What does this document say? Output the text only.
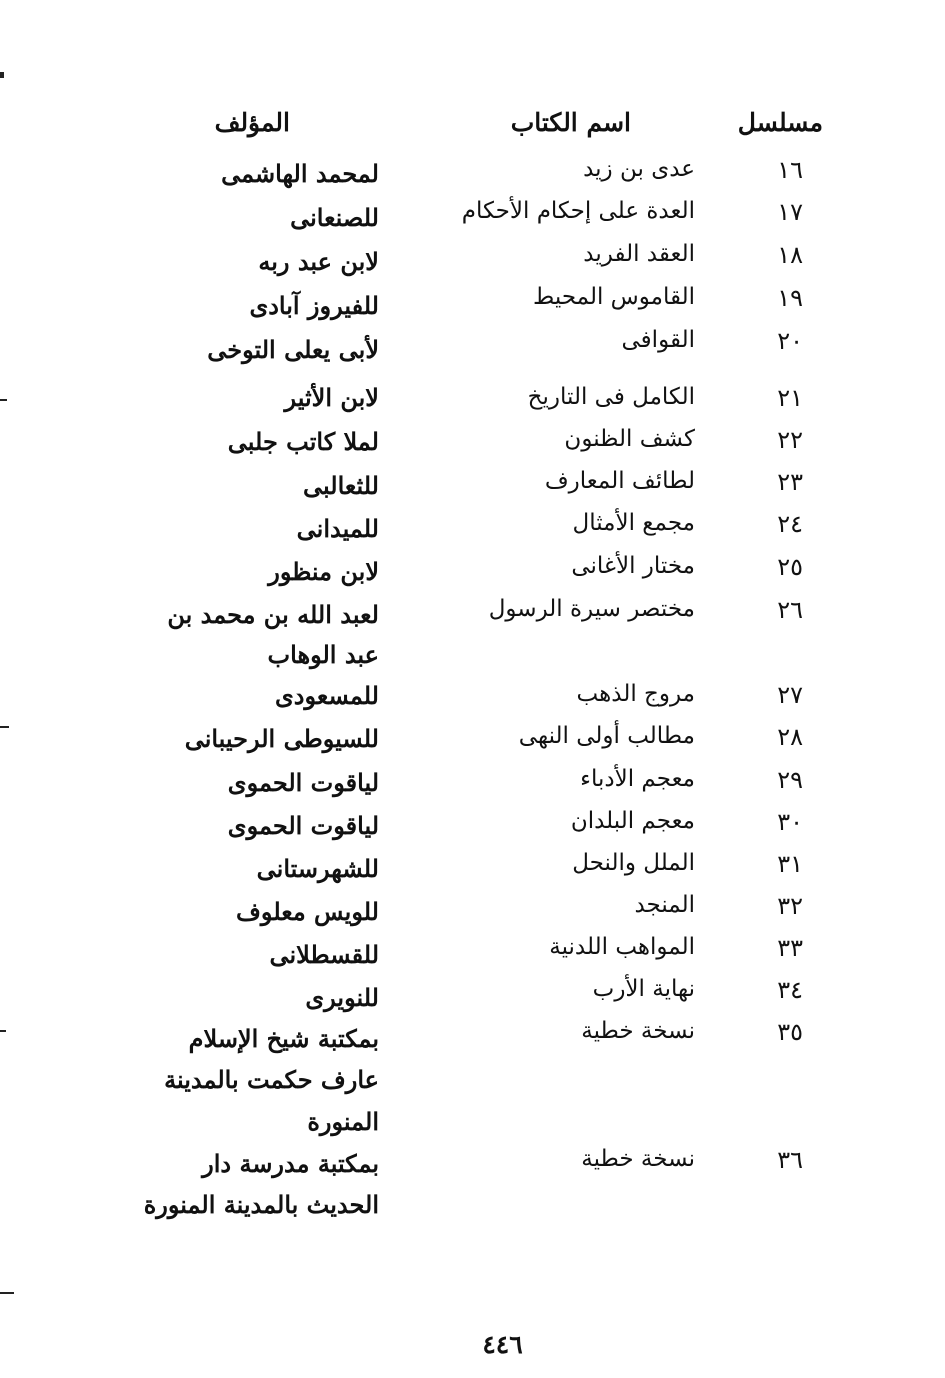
مسلسل
اسم الكتاب
المؤلف
١٦
عدى بن زيد
لمحمد الهاشمى
١٧
العدة على إحكام الأحكام
للصنعانى
١٨
العقد الفريد
لابن عبد ربه
١٩
القاموس المحيط
للفيروز آبادى
٢٠
القوافى
لأبى يعلى التوخى
٢١
الكامل فى التاريخ
لابن الأثير
٢٢
كشف الظنون
لملا كاتب جلبى
٢٣
لطائف المعارف
للثعالبى
٢٤
مجمع الأمثال
للميدانى
٢٥
مختار الأغانى
لابن منظور
٢٦
مختصر سيرة الرسول
لعبد الله بن محمد بن
عبد الوهاب
٢٧
مروج الذهب
للمسعودى
٢٨
مطالب أولى النهى
للسيوطى الرحيبانى
٢٩
معجم الأدباء
لياقوت الحموى
٣٠
معجم البلدان
لياقوت الحموى
٣١
الملل والنحل
للشهرستانى
٣٢
المنجد
للويس معلوف
٣٣
المواهب اللدنية
للقسطلانى
٣٤
نهاية الأرب
للنويرى
٣٥
نسخة خطية
بمكتبة شيخ الإسلام
عارف حكمت بالمدينة
المنورة
٣٦
نسخة خطية
بمكتبة مدرسة دار
الحديث بالمدينة المنورة
٤٤٦
